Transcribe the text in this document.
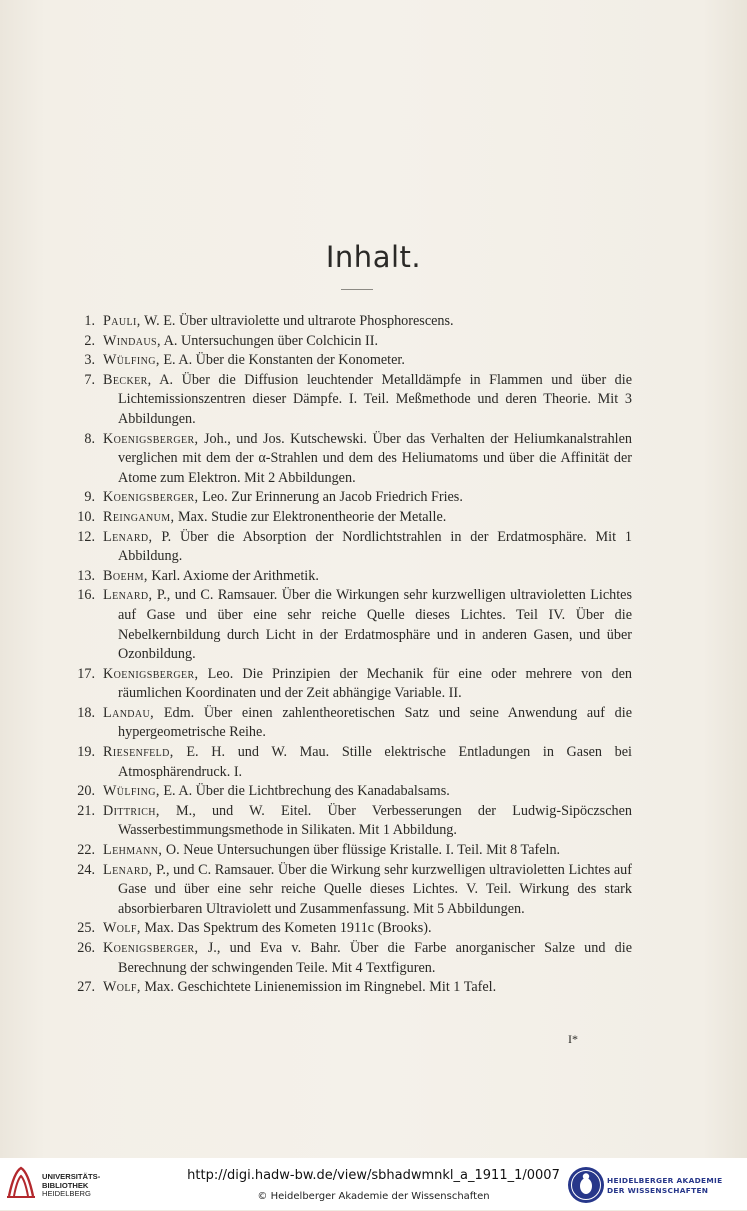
Inhalt.
1. Pauli, W. E. Über ultraviolette und ultrarote Phosphorescens.
2. Windaus, A. Untersuchungen über Colchicin II.
3. Wülfing, E. A. Über die Konstanten der Konometer.
7. Becker, A. Über die Diffusion leuchtender Metalldämpfe in Flammen und über die Lichtemissionszentren dieser Dämpfe. I. Teil. Meßmethode und deren Theorie. Mit 3 Abbildungen.
8. Koenigsberger, Joh., und Jos. Kutschewski. Über das Verhalten der Heliumkanalstrahlen verglichen mit dem der α-Strahlen und dem des Heliumatoms und über die Affinität der Atome zum Elektron. Mit 2 Abbildungen.
9. Koenigsberger, Leo. Zur Erinnerung an Jacob Friedrich Fries.
10. Reinganum, Max. Studie zur Elektronentheorie der Metalle.
12. Lenard, P. Über die Absorption der Nordlichtstrahlen in der Erdatmosphäre. Mit 1 Abbildung.
13. Boehm, Karl. Axiome der Arithmetik.
16. Lenard, P., und C. Ramsauer. Über die Wirkungen sehr kurzwelligen ultravioletten Lichtes auf Gase und über eine sehr reiche Quelle dieses Lichtes. Teil IV. Über die Nebelkernbildung durch Licht in der Erdatmosphäre und in anderen Gasen, und über Ozonbildung.
17. Koenigsberger, Leo. Die Prinzipien der Mechanik für eine oder mehrere von den räumlichen Koordinaten und der Zeit abhängige Variable. II.
18. Landau, Edm. Über einen zahlentheoretischen Satz und seine Anwendung auf die hypergeometrische Reihe.
19. Riesenfeld, E. H. und W. Mau. Stille elektrische Entladungen in Gasen bei Atmosphärendruck. I.
20. Wülfing, E. A. Über die Lichtbrechung des Kanadabalsams.
21. Dittrich, M., und W. Eitel. Über Verbesserungen der Ludwig-Sipöczschen Wasserbestimmungsmethode in Silikaten. Mit 1 Abbildung.
22. Lehmann, O. Neue Untersuchungen über flüssige Kristalle. I. Teil. Mit 8 Tafeln.
24. Lenard, P., und C. Ramsauer. Über die Wirkung sehr kurzwelligen ultravioletten Lichtes auf Gase und über eine sehr reiche Quelle dieses Lichtes. V. Teil. Wirkung des stark absorbierbaren Ultraviolett und Zusammenfassung. Mit 5 Abbildungen.
25. Wolf, Max. Das Spektrum des Kometen 1911c (Brooks).
26. Koenigsberger, J., und Eva v. Bahr. Über die Farbe anorganischer Salze und die Berechnung der schwingenden Teile. Mit 4 Textfiguren.
27. Wolf, Max. Geschichtete Linienemission im Ringnebel. Mit 1 Tafel.
I*
UNIVERSITÄTS-
BIBLIOTHEK
HEIDELBERG
http://digi.hadw-bw.de/view/sbhadwmnkl_a_1911_1/0007
© Heidelberger Akademie der Wissenschaften
HEIDELBERGER AKADEMIE
DER WISSENSCHAFTEN
